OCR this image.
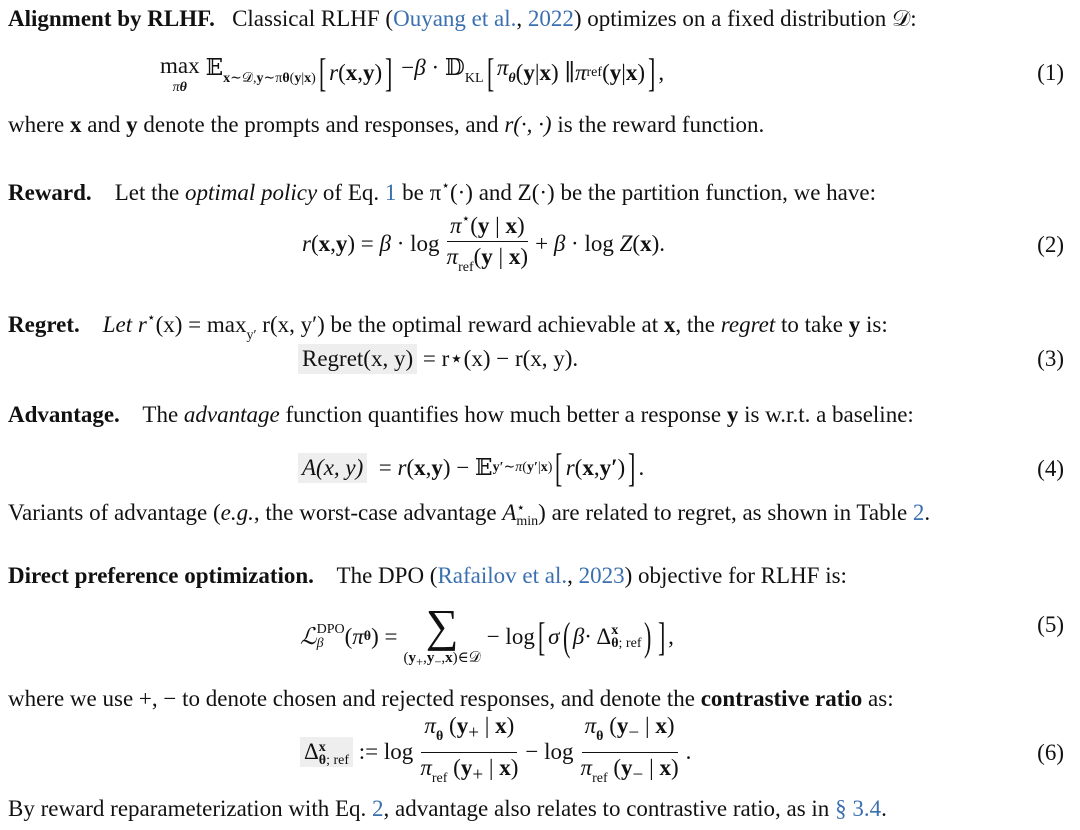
Alignment by RLHF. Classical RLHF (Ouyang et al., 2022) optimizes on a fixed distribution 𝒟:
max
πθ
𝔼$_{x\sim 𝒟,y\sim\pi\theta(y|x)}$ [ r ( x , y ) ] −β · 𝔻$_{KL}$ [ $\pi_\theta$ ( y | x ) ∥ π ref ( y | x ) ] ,	(1)
where x and y denote the prompts and responses, and r(·, ·) is the reward function.
Reward. Let the optimal policy of Eq. 1 be π⋆(·) and Z(·) be the partition function, we have:
r ( x , y ) = $\beta \cdot \log \frac{\pi^⋆(y | x)}{\pi_{ref}(y | x)} + \beta \cdot \log Z$ ( x ).	(2)
Regret. Let $r^⋆(x) = \max_{y'} r(x$, y′) be the optimal reward achievable at x, the regret to take y is:
Regret(x, y)
= r⋆(x) − r(x, y).	(3)
Advantage. The advantage function quantifies how much better a response y is w.r.t. a baseline:
A(x, y) = r ( x , y ) − 𝔼 y′∼π(y′|x) [ r ( x , y′ ) ] .	(4)
Variants of advantage (e.g., the worst-case advantage A ⋆
min ) are related to regret, as shown in Table 2.
Direct preference optimization. The DPO (Rafailov et al., 2023) objective for RLHF is:
ℒ DPO
β ( π θ ) = ∑
$(y_+,y_-,x)\in 𝒟$
− log [ σ ( β · Δ x
θ; ref ) ] ,	(5)
where we use +, − to denote chosen and rejected responses, and denote the contrastive ratio as:
Δ x
θ; ref := $\log \frac{\pi_\theta (y_+ | x)}{\pi_{ref} (y_+ | x)} - \log \frac{\pi_\theta (y_- | x)}{\pi_{ref} (y_- | x)}$ .	(6)
By reward reparameterization with Eq. 2, advantage also relates to contrastive ratio, as in § 3.4.
